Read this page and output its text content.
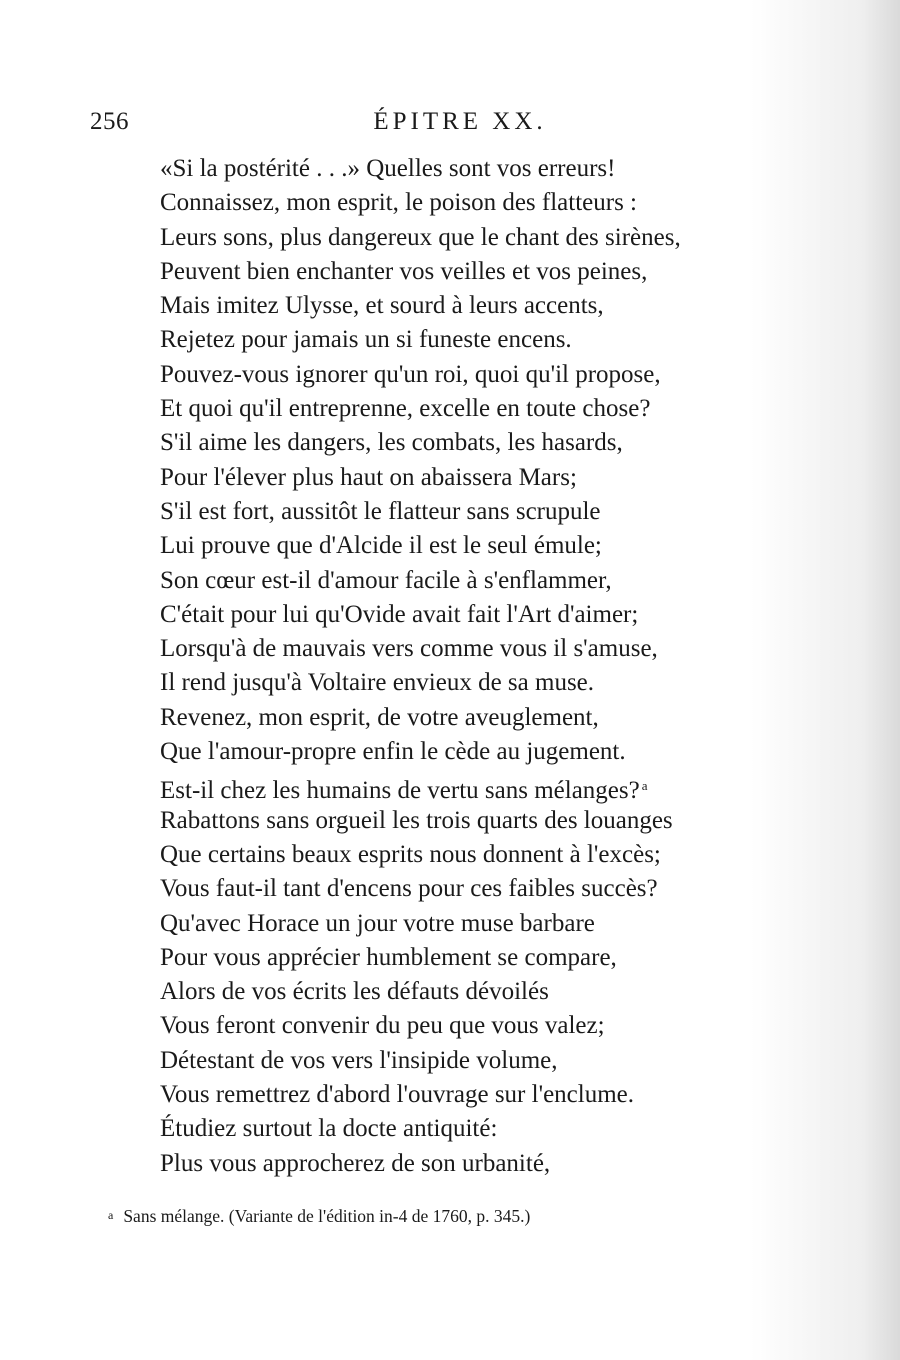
256	ÉPITRE XX.
«Si la postérité . . .» Quelles sont vos erreurs!
Connaissez, mon esprit, le poison des flatteurs :
Leurs sons, plus dangereux que le chant des sirènes,
Peuvent bien enchanter vos veilles et vos peines,
Mais imitez Ulysse, et sourd à leurs accents,
Rejetez pour jamais un si funeste encens.
Pouvez-vous ignorer qu'un roi, quoi qu'il propose,
Et quoi qu'il entreprenne, excelle en toute chose?
S'il aime les dangers, les combats, les hasards,
Pour l'élever plus haut on abaissera Mars;
S'il est fort, aussitôt le flatteur sans scrupule
Lui prouve que d'Alcide il est le seul émule;
Son cœur est-il d'amour facile à s'enflammer,
C'était pour lui qu'Ovide avait fait l'Art d'aimer;
Lorsqu'à de mauvais vers comme vous il s'amuse,
Il rend jusqu'à Voltaire envieux de sa muse.
Revenez, mon esprit, de votre aveuglement,
Que l'amour-propre enfin le cède au jugement.
Est-il chez les humains de vertu sans mélanges? $^a$
Rabattons sans orgueil les trois quarts des louanges
Que certains beaux esprits nous donnent à l'excès;
Vous faut-il tant d'encens pour ces faibles succès?
Qu'avec Horace un jour votre muse barbare
Pour vous apprécier humblement se compare,
Alors de vos écrits les défauts dévoilés
Vous feront convenir du peu que vous valez;
Détestant de vos vers l'insipide volume,
Vous remettrez d'abord l'ouvrage sur l'enclume.
Étudiez surtout la docte antiquité:
Plus vous approcherez de son urbanité,
a Sans mélange. (Variante de l'édition in-4 de 1760, p. 345.)
